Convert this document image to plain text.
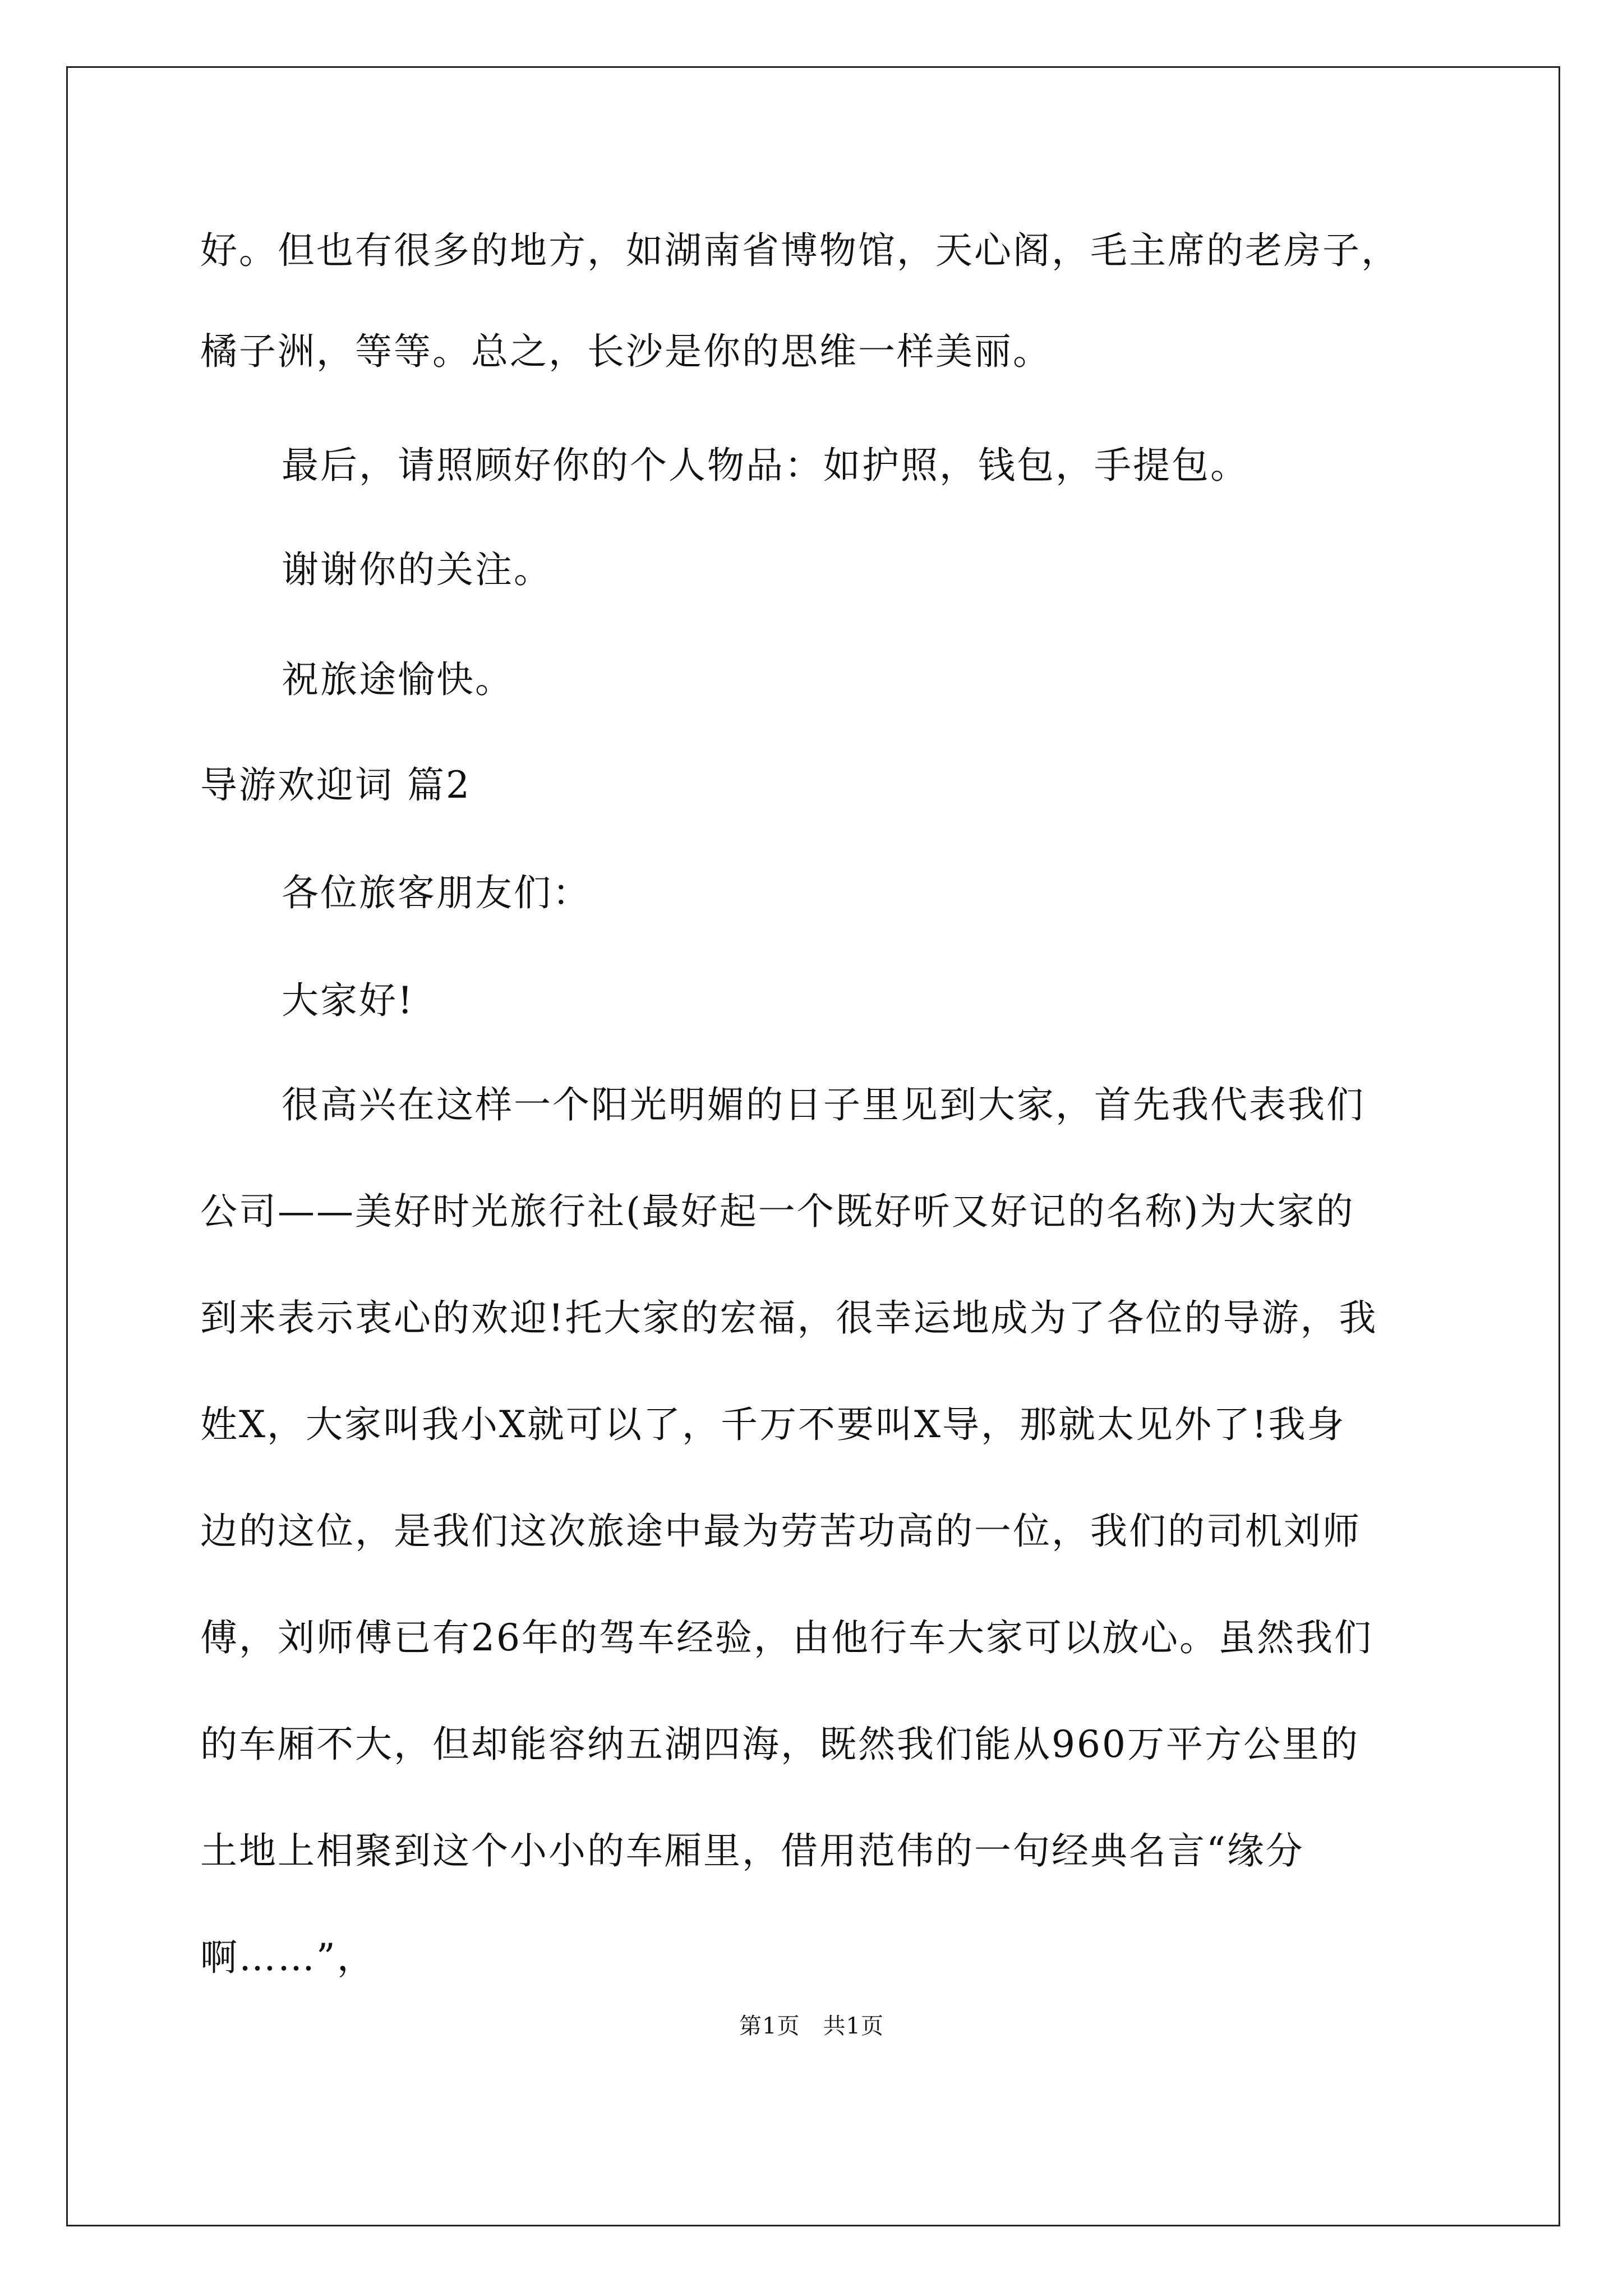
好。但也有很多的地方，如湖南省博物馆，天心阁，毛主席的老房子，
橘子洲，等等。总之，长沙是你的思维一样美丽。
最后，请照顾好你的个人物品：如护照，钱包，手提包。
谢谢你的关注。
祝旅途愉快。
导游欢迎词 篇2
各位旅客朋友们：
大家好!
很高兴在这样一个阳光明媚的日子里见到大家，首先我代表我们
公司——美好时光旅行社(最好起一个既好听又好记的名称)为大家的
到来表示衷心的欢迎!托大家的宏福，很幸运地成为了各位的导游，我
姓X，大家叫我小X就可以了，千万不要叫X导，那就太见外了!我身
边的这位，是我们这次旅途中最为劳苦功高的一位，我们的司机刘师
傅，刘师傅已有26年的驾车经验，由他行车大家可以放心。虽然我们
的车厢不大，但却能容纳五湖四海，既然我们能从960万平方公里的
土地上相聚到这个小小的车厢里，借用范伟的一句经典名言“缘分
啊……”，
第1页　共1页
